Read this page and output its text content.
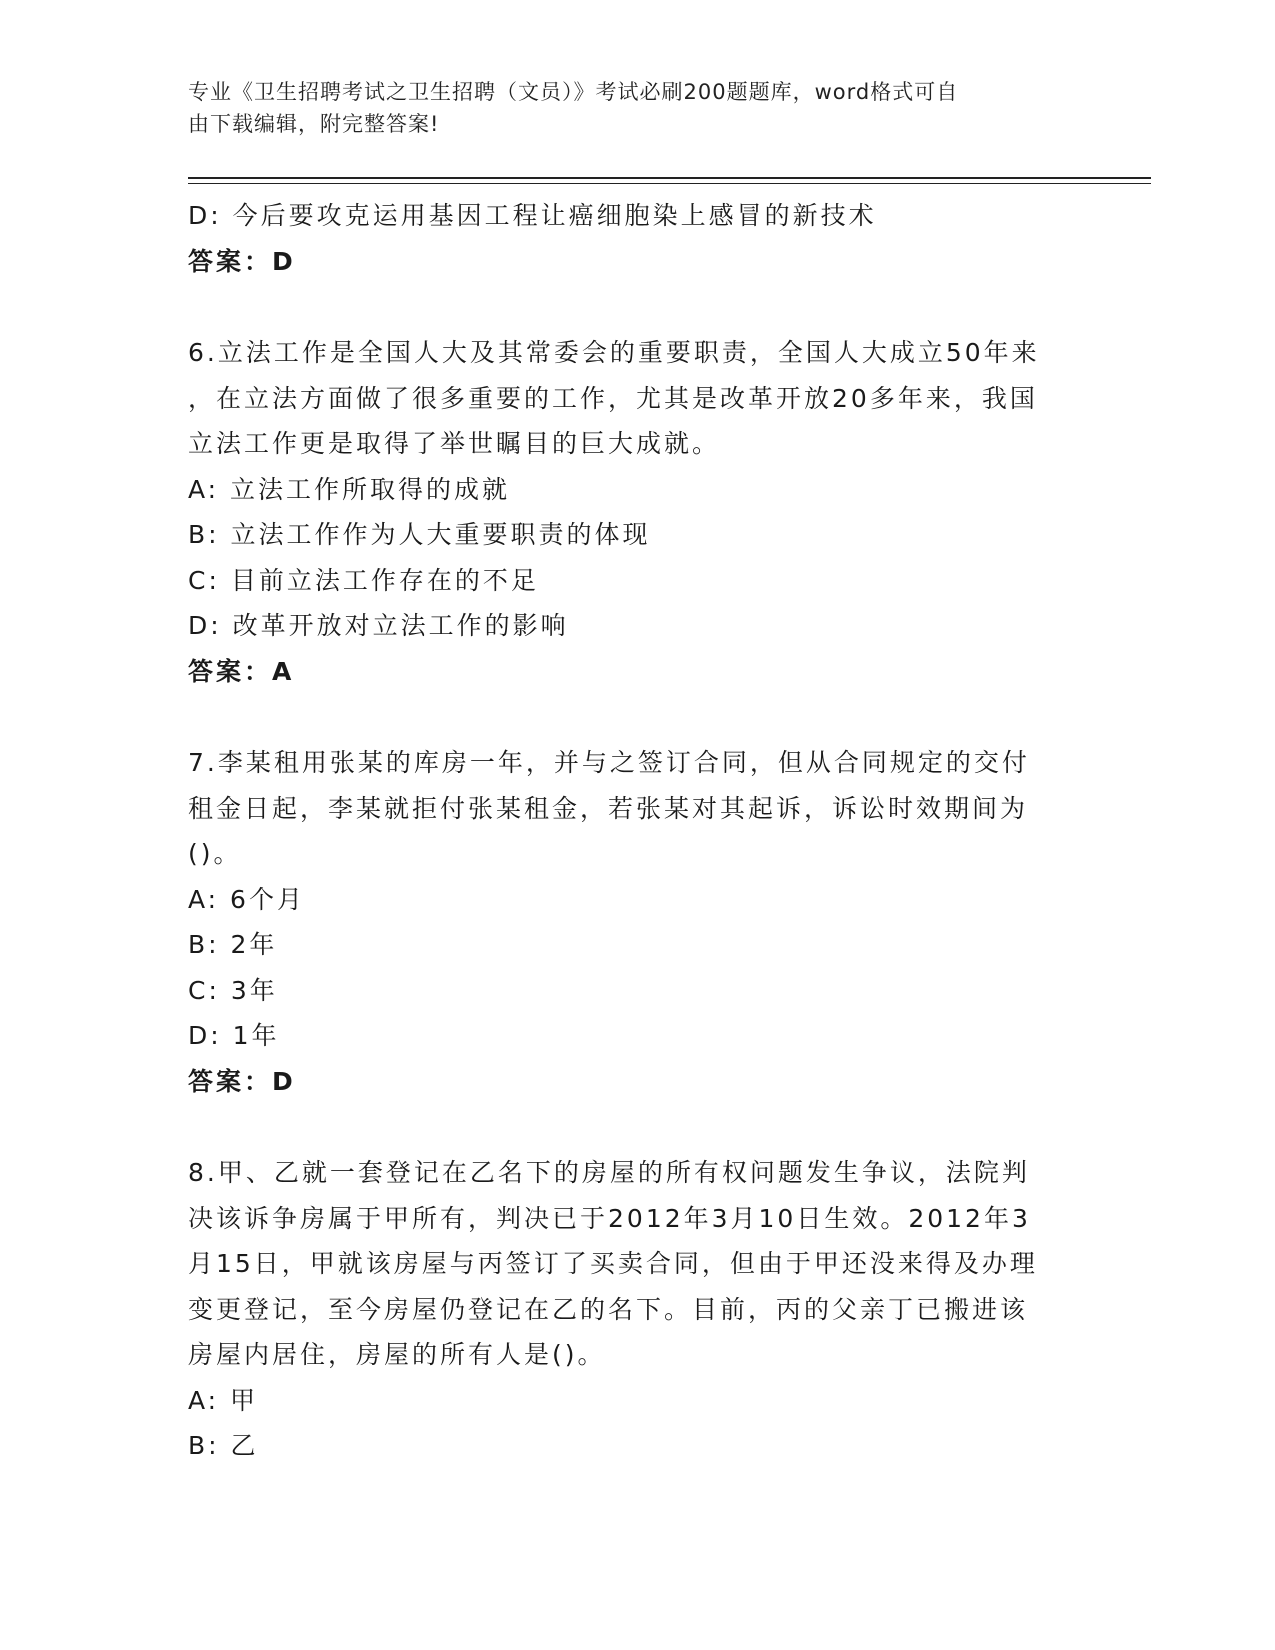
专业《卫生招聘考试之卫生招聘（文员）》考试必刷200题题库，word格式可自
由下载编辑，附完整答案!
D: 今后要攻克运用基因工程让癌细胞染上感冒的新技术
答案：D
6.立法工作是全国人大及其常委会的重要职责，全国人大成立50年来
，在立法方面做了很多重要的工作，尤其是改革开放20多年来，我国
立法工作更是取得了举世瞩目的巨大成就。
A: 立法工作所取得的成就
B: 立法工作作为人大重要职责的体现
C: 目前立法工作存在的不足
D: 改革开放对立法工作的影响
答案：A
7.李某租用张某的库房一年，并与之签订合同，但从合同规定的交付
租金日起，李某就拒付张某租金，若张某对其起诉，诉讼时效期间为
()。
A: 6个月
B: 2年
C: 3年
D: 1年
答案：D
8.甲、乙就一套登记在乙名下的房屋的所有权问题发生争议，法院判
决该诉争房属于甲所有，判决已于2012年3月10日生效。2012年3
月15日，甲就该房屋与丙签订了买卖合同，但由于甲还没来得及办理
变更登记，至今房屋仍登记在乙的名下。目前，丙的父亲丁已搬进该
房屋内居住，房屋的所有人是()。
A: 甲
B: 乙
